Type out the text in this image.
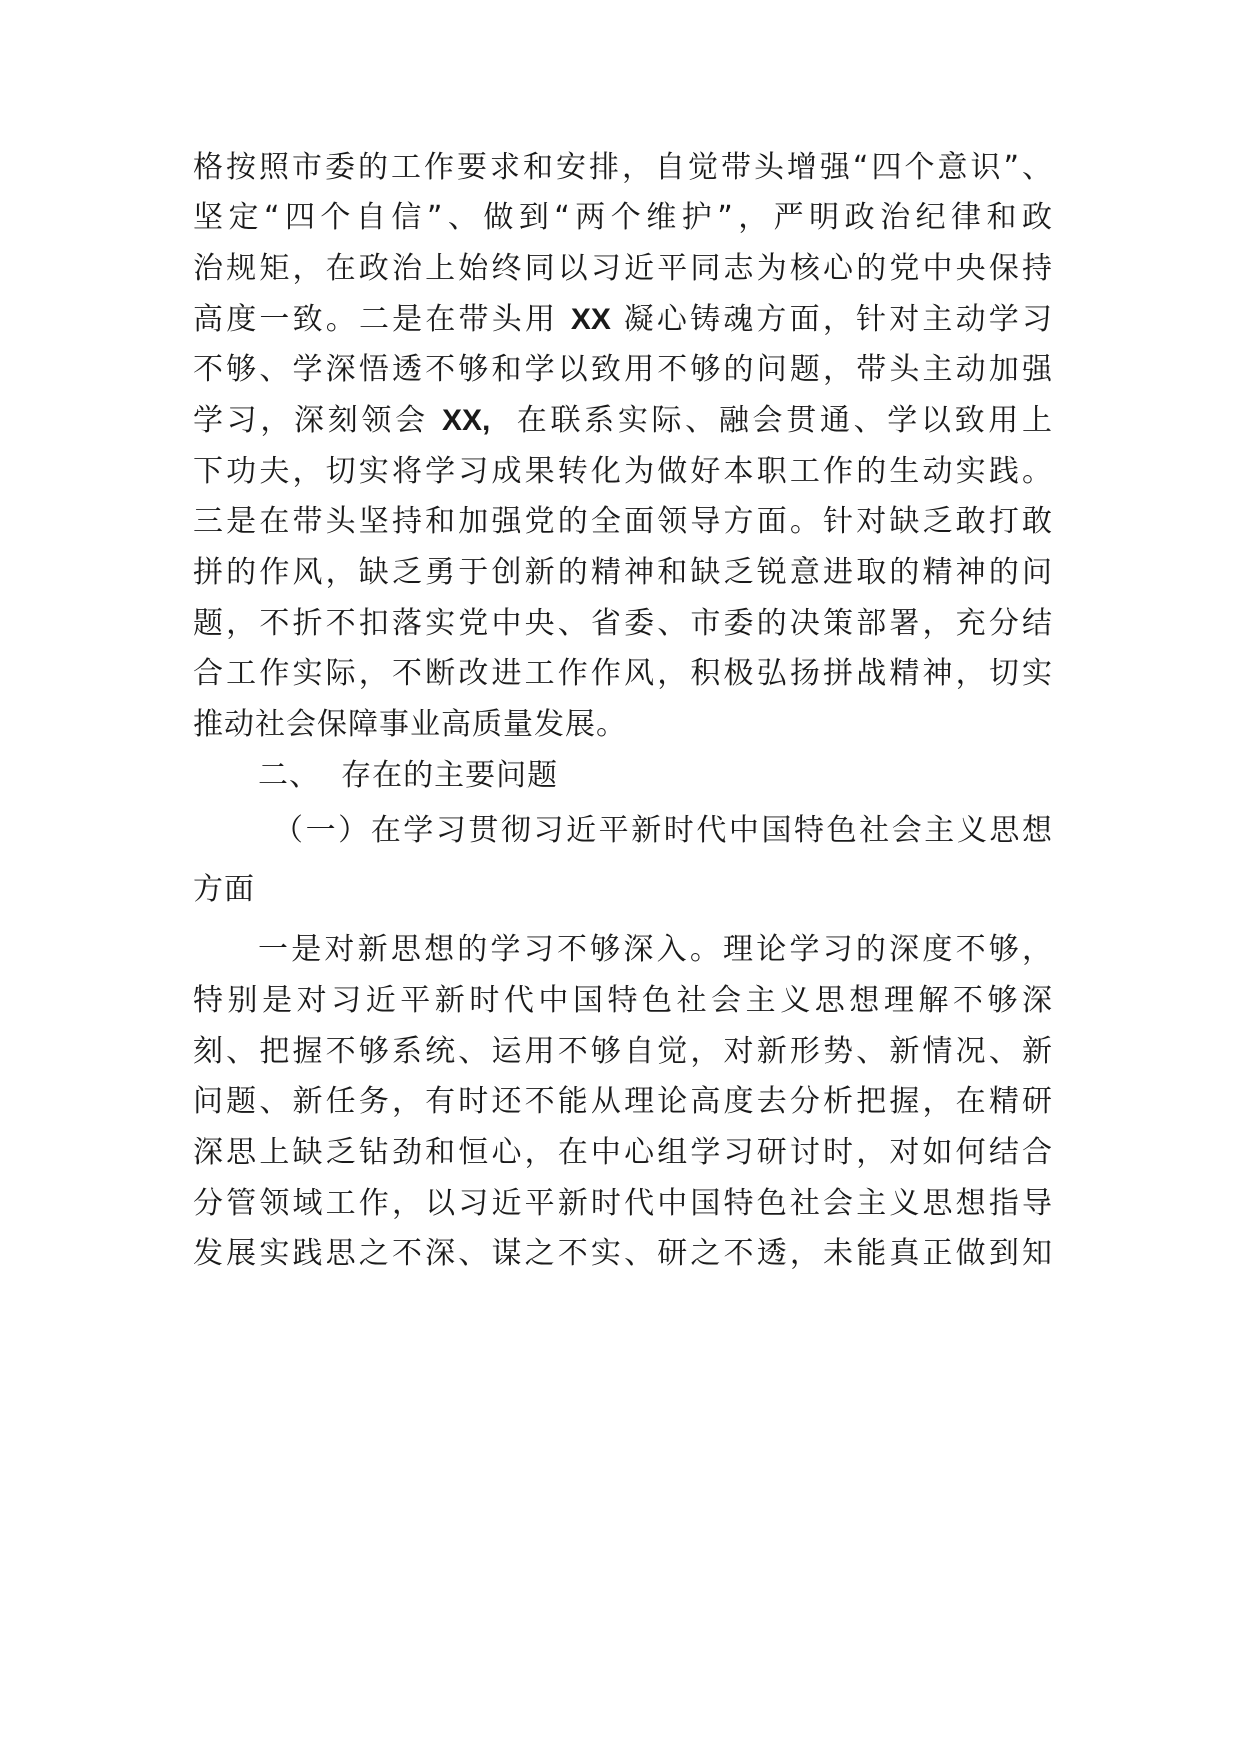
格按照市委的工作要求和安排，自觉带头增强“四个意识”、
坚定“四个自信”、做到“两个维护”，严明政治纪律和政
治规矩，在政治上始终同以习近平同志为核心的党中央保持
高度一致。二是在带头用 XX 凝心铸魂方面，针对主动学习
不够、学深悟透不够和学以致用不够的问题，带头主动加强
学习，深刻领会 XX, 在联系实际、融会贯通、学以致用上
下功夫，切实将学习成果转化为做好本职工作的生动实践。
三是在带头坚持和加强党的全面领导方面。针对缺乏敢打敢
拼的作风，缺乏勇于创新的精神和缺乏锐意进取的精神的问
题，不折不扣落实党中央、省委、市委的决策部署，充分结
合工作实际，不断改进工作作风，积极弘扬拼战精神，切实
推动社会保障事业高质量发展。
二、 存在的主要问题
（一）在学习贯彻习近平新时代中国特色社会主义思想
方面
一是对新思想的学习不够深入。理论学习的深度不够，
特别是对习近平新时代中国特色社会主义思想理解不够深
刻、把握不够系统、运用不够自觉，对新形势、新情况、新
问题、新任务，有时还不能从理论高度去分析把握，在精研
深思上缺乏钻劲和恒心，在中心组学习研讨时，对如何结合
分管领域工作，以习近平新时代中国特色社会主义思想指导
发展实践思之不深、谋之不实、研之不透，未能真正做到知
